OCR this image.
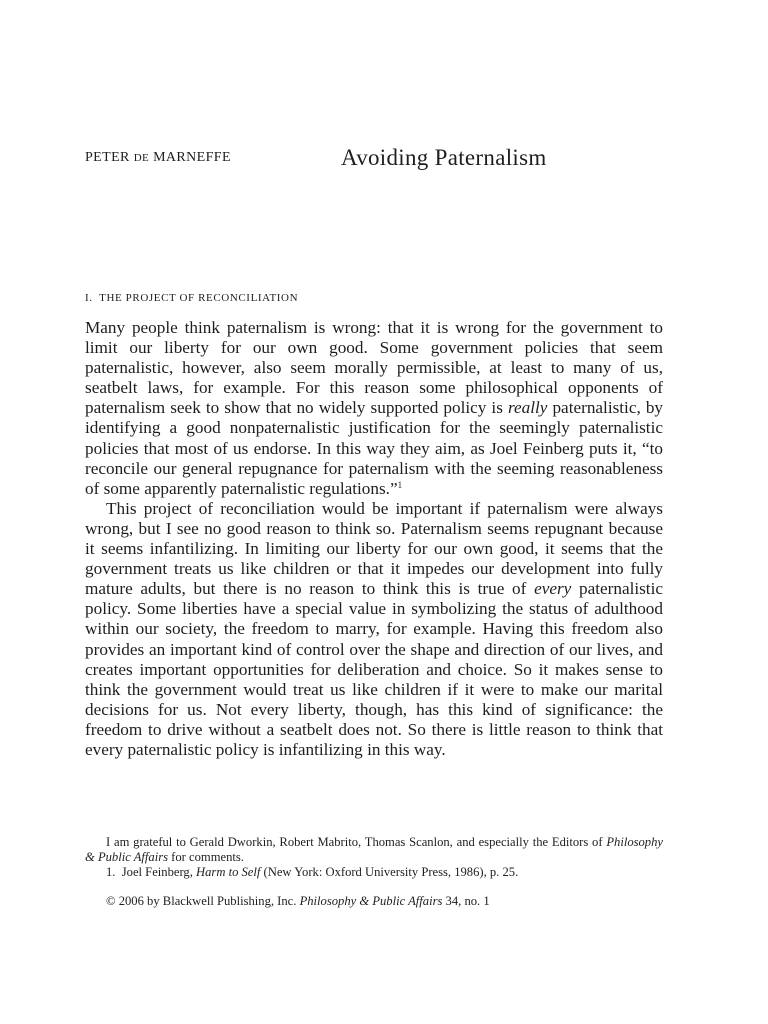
PETER DE MARNEFFE	Avoiding Paternalism
I. THE PROJECT OF RECONCILIATION

Many people think paternalism is wrong: that it is wrong for the government to limit our liberty for our own good. Some government policies that seem paternalistic, however, also seem morally permissible, at least to many of us, seatbelt laws, for example. For this reason some philosophical opponents of paternalism seek to show that no widely supported policy is really paternalistic, by identifying a good nonpaternalistic justification for the seemingly paternalistic policies that most of us endorse. In this way they aim, as Joel Feinberg puts it, “to reconcile our general repugnance for paternalism with the seeming reasonableness of some apparently paternalistic regulations.”$^1$

This project of reconciliation would be important if paternalism were always wrong, but I see no good reason to think so. Paternalism seems repugnant because it seems infantilizing. In limiting our liberty for our own good, it seems that the government treats us like children or that it impedes our development into fully mature adults, but there is no reason to think this is true of every paternalistic policy. Some liberties have a special value in symbolizing the status of adulthood within our society, the freedom to marry, for example. Having this freedom also provides an important kind of control over the shape and direction of our lives, and creates important opportunities for deliberation and choice. So it makes sense to think the government would treat us like children if it were to make our marital decisions for us. Not every liberty, though, has this kind of significance: the freedom to drive without a seatbelt does not. So there is little reason to think that every paternalistic policy is infantilizing in this way.

I am grateful to Gerald Dworkin, Robert Mabrito, Thomas Scanlon, and especially the Editors of Philosophy & Public Affairs for comments.

1. Joel Feinberg, Harm to Self (New York: Oxford University Press, 1986), p. 25.

© 2006 by Blackwell Publishing, Inc. Philosophy & Public Affairs 34, no. 1
